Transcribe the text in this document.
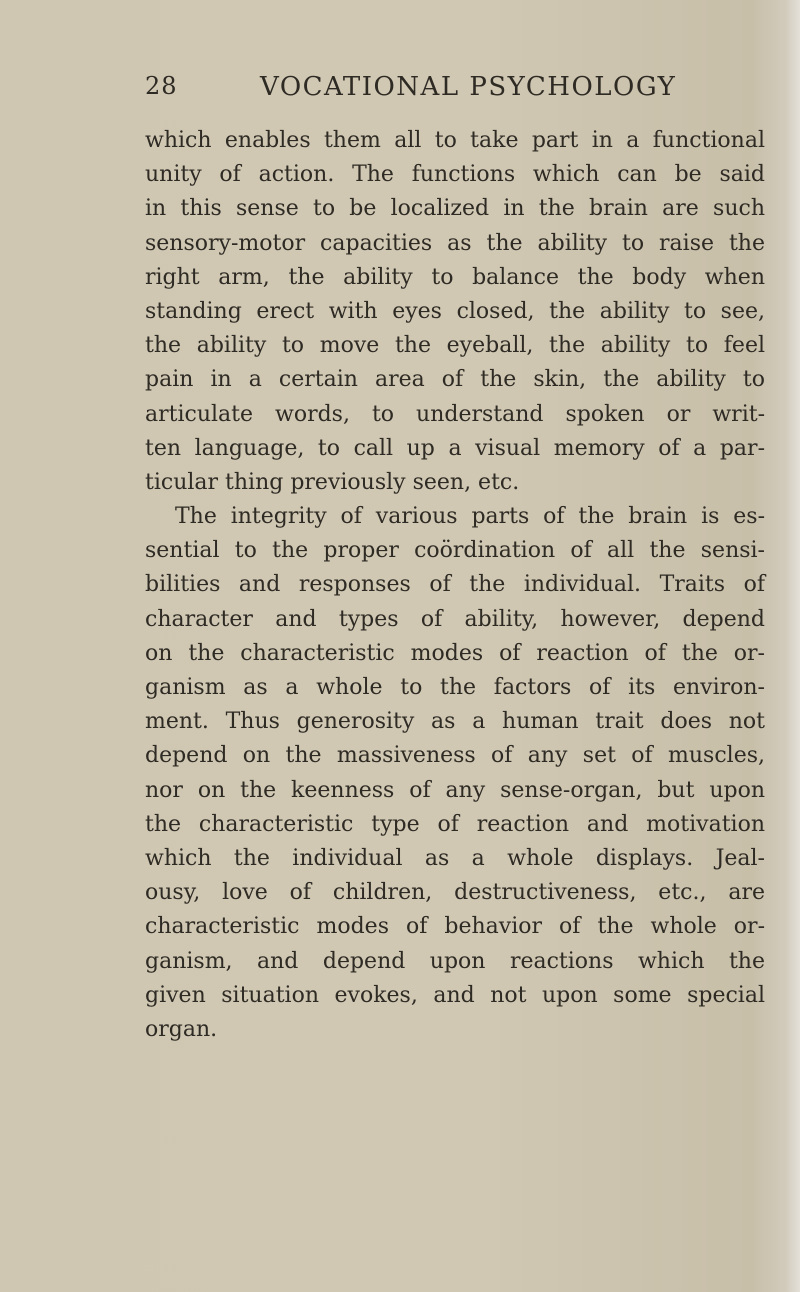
28	VOCATIONAL PSYCHOLOGY
which enables them all to take part in a functional
unity of action. The functions which can be said
in this sense to be localized in the brain are such
sensory-motor capacities as the ability to raise the
right arm, the ability to balance the body when
standing erect with eyes closed, the ability to see,
the ability to move the eyeball, the ability to feel
pain in a certain area of the skin, the ability to
articulate words, to understand spoken or writ-
ten language, to call up a visual memory of a par-
ticular thing previously seen, etc.
The integrity of various parts of the brain is es-
sential to the proper coördination of all the sensi-
bilities and responses of the individual. Traits of
character and types of ability, however, depend
on the characteristic modes of reaction of the or-
ganism as a whole to the factors of its environ-
ment. Thus generosity as a human trait does not
depend on the massiveness of any set of muscles,
nor on the keenness of any sense-organ, but upon
the characteristic type of reaction and motivation
which the individual as a whole displays. Jeal-
ousy, love of children, destructiveness, etc., are
characteristic modes of behavior of the whole or-
ganism, and depend upon reactions which the
given situation evokes, and not upon some special
organ.
